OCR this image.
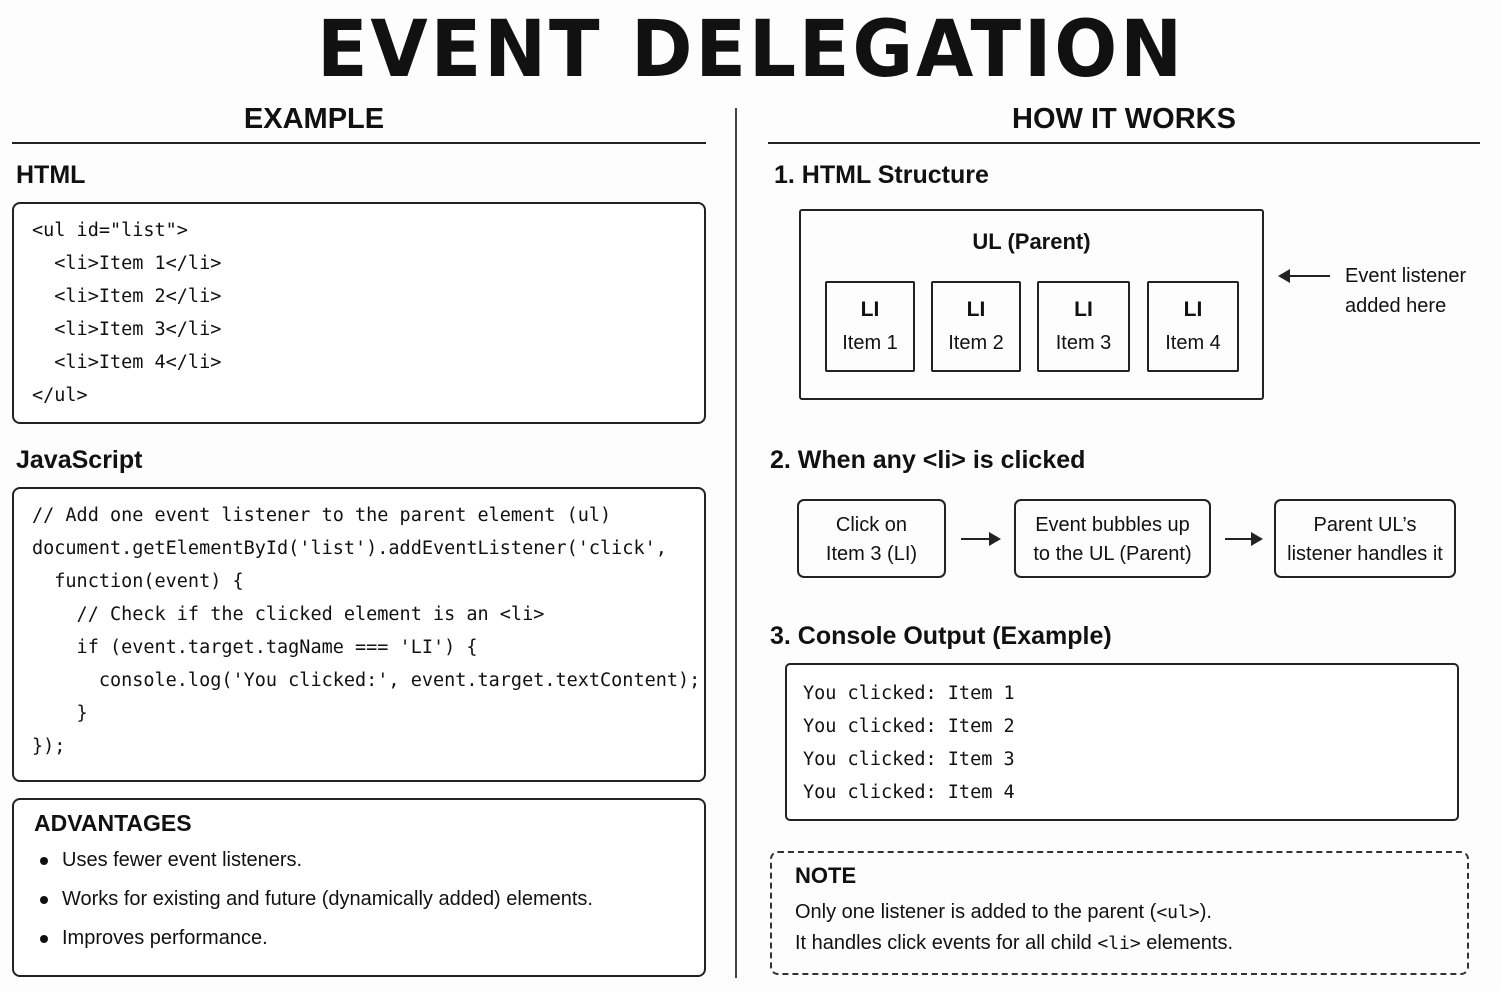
EVENT DELEGATION
EXAMPLE
HTML
<ul id="list">
<li>Item 1</li>
<li>Item 2</li>
<li>Item 3</li>
<li>Item 4</li>
</ul>
JavaScript
// Add one event listener to the parent element (ul)
document.getElementById('list').addEventListener('click',
function(event) {
// Check if the clicked element is an <li>
if (event.target.tagName === 'LI') {
console.log('You clicked:', event.target.textContent);
}
});
ADVANTAGES
Uses fewer event listeners.
Works for existing and future (dynamically added) elements.
Improves performance.
HOW IT WORKS
1. HTML Structure
UL (Parent)
LI
Item 1
LI
Item 2
LI
Item 3
LI
Item 4
Event listener
added here
2. When any <li> is clicked
Click on
Item 3 (LI)
Event bubbles up
to the UL (Parent)
Parent UL’s
listener handles it
3. Console Output (Example)
You clicked: Item 1
You clicked: Item 2
You clicked: Item 3
You clicked: Item 4
NOTE
Only one listener is added to the parent (<ul>).
It handles click events for all child <li> elements.
